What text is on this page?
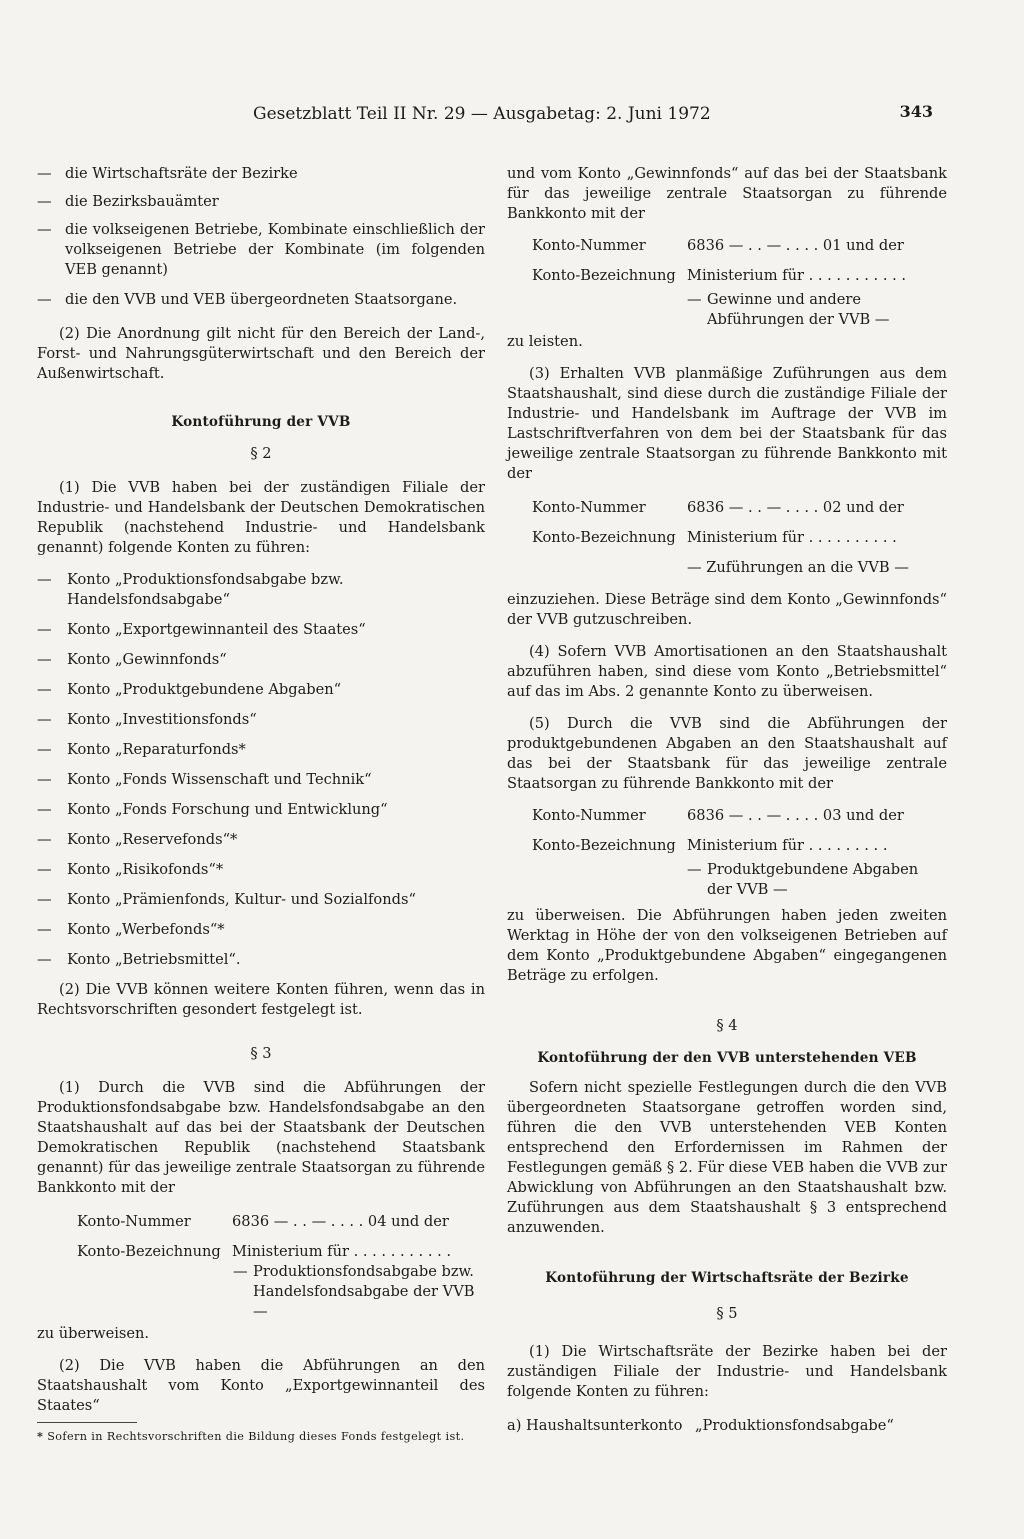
Gesetzblatt Teil II Nr. 29 — Ausgabetag: 2. Juni 1972	343
— die Wirtschaftsräte der Bezirke
— die Bezirksbauämter
— die volkseigenen Betriebe, Kombinate einschließlich der volkseigenen Betriebe der Kombinate (im folgenden VEB genannt)
— die den VVB und VEB übergeordneten Staatsorgane.

(2) Die Anordnung gilt nicht für den Bereich der Land-, Forst- und Nahrungsgüterwirtschaft und den Bereich der Außenwirtschaft.

Kontoführung der VVB
§ 2

(1) Die VVB haben bei der zuständigen Filiale der Industrie- und Handelsbank der Deutschen Demokratischen Republik (nachstehend Industrie- und Handelsbank genannt) folgende Konten zu führen:

—	Konto „Produktionsfondsabgabe bzw. Handelsfondsabgabe“
—	Konto „Exportgewinnanteil des Staates“
—	Konto „Gewinnfonds“
—	Konto „Produktgebundene Abgaben“
—	Konto „Investitionsfonds“
—	Konto „Reparaturfonds*
—	Konto „Fonds Wissenschaft und Technik“
—	Konto „Fonds Forschung und Entwicklung“
—	Konto „Reservefonds“*
—	Konto „Risikofonds“*
—	Konto „Prämienfonds, Kultur- und Sozialfonds“
—	Konto „Werbefonds“*
—	Konto „Betriebsmittel“.

(2) Die VVB können weitere Konten führen, wenn das in Rechtsvorschriften gesondert festgelegt ist.

§ 3

(1) Durch die VVB sind die Abführungen der Produktionsfondsabgabe bzw. Handelsfondsabgabe an den Staatshaushalt auf das bei der Staatsbank der Deutschen Demokratischen Republik (nachstehend Staatsbank genannt) für das jeweilige zentrale Staatsorgan zu führende Bankkonto mit der

Konto-Nummer	6836 — . . — . . . . 04 und der
Konto-Bezeichnung Ministerium für . . . . . . . . . . .
— Produktionsfondsabgabe bzw. Handelsfondsabgabe der VVB —

zu überweisen.

(2) Die VVB haben die Abführungen an den Staatshaushalt vom Konto „Exportgewinnanteil des Staates“

* Sofern in Rechtsvorschriften die Bildung dieses Fonds festgelegt ist.

und vom Konto „Gewinnfonds“ auf das bei der Staatsbank für das jeweilige zentrale Staatsorgan zu führende Bankkonto mit der

Konto-Nummer	6836 — . . — . . . . 01 und der
Konto-Bezeichnung Ministerium für . . . . . . . . . . .
— Gewinne und andere Abführungen der VVB —

zu leisten.

(3) Erhalten VVB planmäßige Zuführungen aus dem Staatshaushalt, sind diese durch die zuständige Filiale der Industrie- und Handelsbank im Auftrage der VVB im Lastschriftverfahren von dem bei der Staatsbank für das jeweilige zentrale Staatsorgan zu führende Bankkonto mit der

Konto-Nummer	6836 — . . — . . . . 02 und der
Konto-Bezeichnung Ministerium für . . . . . . . . . .
— Zuführungen an die VVB —

einzuziehen. Diese Beträge sind dem Konto „Gewinnfonds“ der VVB gutzuschreiben.

(4) Sofern VVB Amortisationen an den Staatshaushalt abzuführen haben, sind diese vom Konto „Betriebsmittel“ auf das im Abs. 2 genannte Konto zu überweisen.

(5) Durch die VVB sind die Abführungen der produktgebundenen Abgaben an den Staatshaushalt auf das bei der Staatsbank für das jeweilige zentrale Staatsorgan zu führende Bankkonto mit der

Konto-Nummer	6836 — . . — . . . . 03 und der
Konto-Bezeichnung Ministerium für . . . . . . . . .
— Produktgebundene Abgaben der VVB —

zu überweisen. Die Abführungen haben jeden zweiten Werktag in Höhe der von den volkseigenen Betrieben auf dem Konto „Produktgebundene Abgaben“ eingegangenen Beträge zu erfolgen.

§ 4
Kontoführung der den VVB unterstehenden VEB

Sofern nicht spezielle Festlegungen durch die den VVB übergeordneten Staatsorgane getroffen worden sind, führen die den VVB unterstehenden VEB Konten entsprechend den Erfordernissen im Rahmen der Festlegungen gemäß § 2. Für diese VEB haben die VVB zur Abwicklung von Abführungen an den Staatshaushalt bzw. Zuführungen aus dem Staatshaushalt § 3 entsprechend anzuwenden.

Kontoführung der Wirtschaftsräte der Bezirke
§ 5

(1) Die Wirtschaftsräte der Bezirke haben bei der zuständigen Filiale der Industrie- und Handelsbank folgende Konten zu führen:

a) Haushaltsunterkonto „Produktionsfondsabgabe“
